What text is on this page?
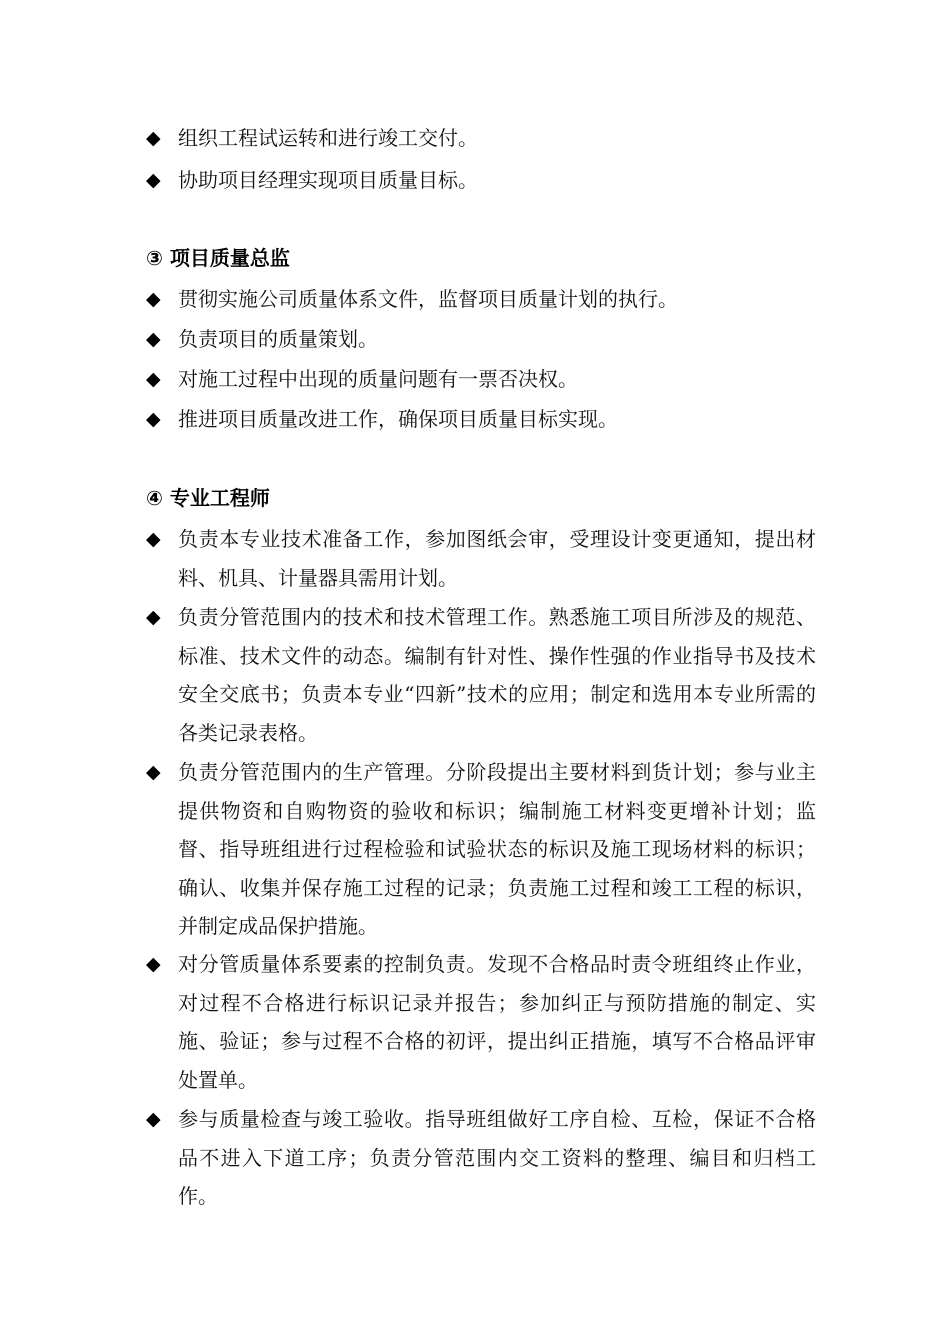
◆ 组织工程试运转和进行竣工交付。
◆ 协助项目经理实现项目质量目标。
③ 项目质量总监
◆ 贯彻实施公司质量体系文件，监督项目质量计划的执行。
◆ 负责项目的质量策划。
◆ 对施工过程中出现的质量问题有一票否决权。
◆ 推进项目质量改进工作，确保项目质量目标实现。
④ 专业工程师
◆ 负责本专业技术准备工作，参加图纸会审，受理设计变更通知，提出材料、机具、计量器具需用计划。
◆ 负责分管范围内的技术和技术管理工作。熟悉施工项目所涉及的规范、标准、技术文件的动态。编制有针对性、操作性强的作业指导书及技术安全交底书；负责本专业“四新”技术的应用；制定和选用本专业所需的各类记录表格。
◆ 负责分管范围内的生产管理。分阶段提出主要材料到货计划；参与业主提供物资和自购物资的验收和标识；编制施工材料变更增补计划；监督、指导班组进行过程检验和试验状态的标识及施工现场材料的标识；确认、收集并保存施工过程的记录；负责施工过程和竣工工程的标识，并制定成品保护措施。
◆ 对分管质量体系要素的控制负责。发现不合格品时责令班组终止作业，对过程不合格进行标识记录并报告；参加纠正与预防措施的制定、实施、验证；参与过程不合格的初评，提出纠正措施，填写不合格品评审处置单。
◆ 参与质量检查与竣工验收。指导班组做好工序自检、互检，保证不合格品不进入下道工序；负责分管范围内交工资料的整理、编目和归档工作。
